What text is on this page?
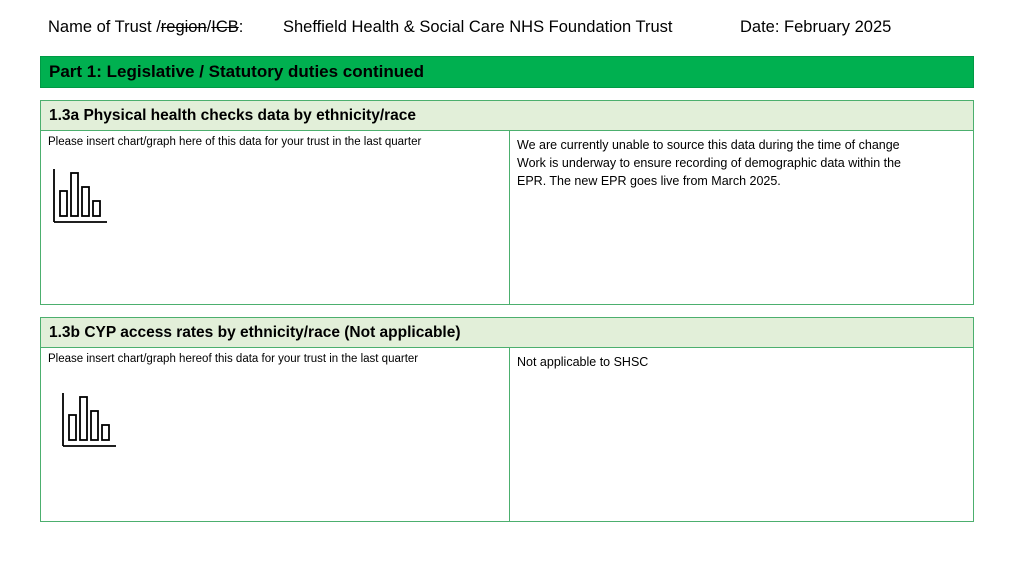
Name of Trust /region/ICB: Sheffield Health & Social Care NHS Foundation Trust	Date: February 2025
Part 1: Legislative / Statutory duties continued
1.3a Physical health checks data by ethnicity/race
Please insert chart/graph here of this data for your trust in the last quarter	We are currently unable to source this data during the time of change
Work is underway to ensure recording of demographic data within the
EPR. The new EPR goes live from March 2025.
1.3b CYP access rates by ethnicity/race (Not applicable)
Please insert chart/graph hereof this data for your trust in the last quarter	Not applicable to SHSC
